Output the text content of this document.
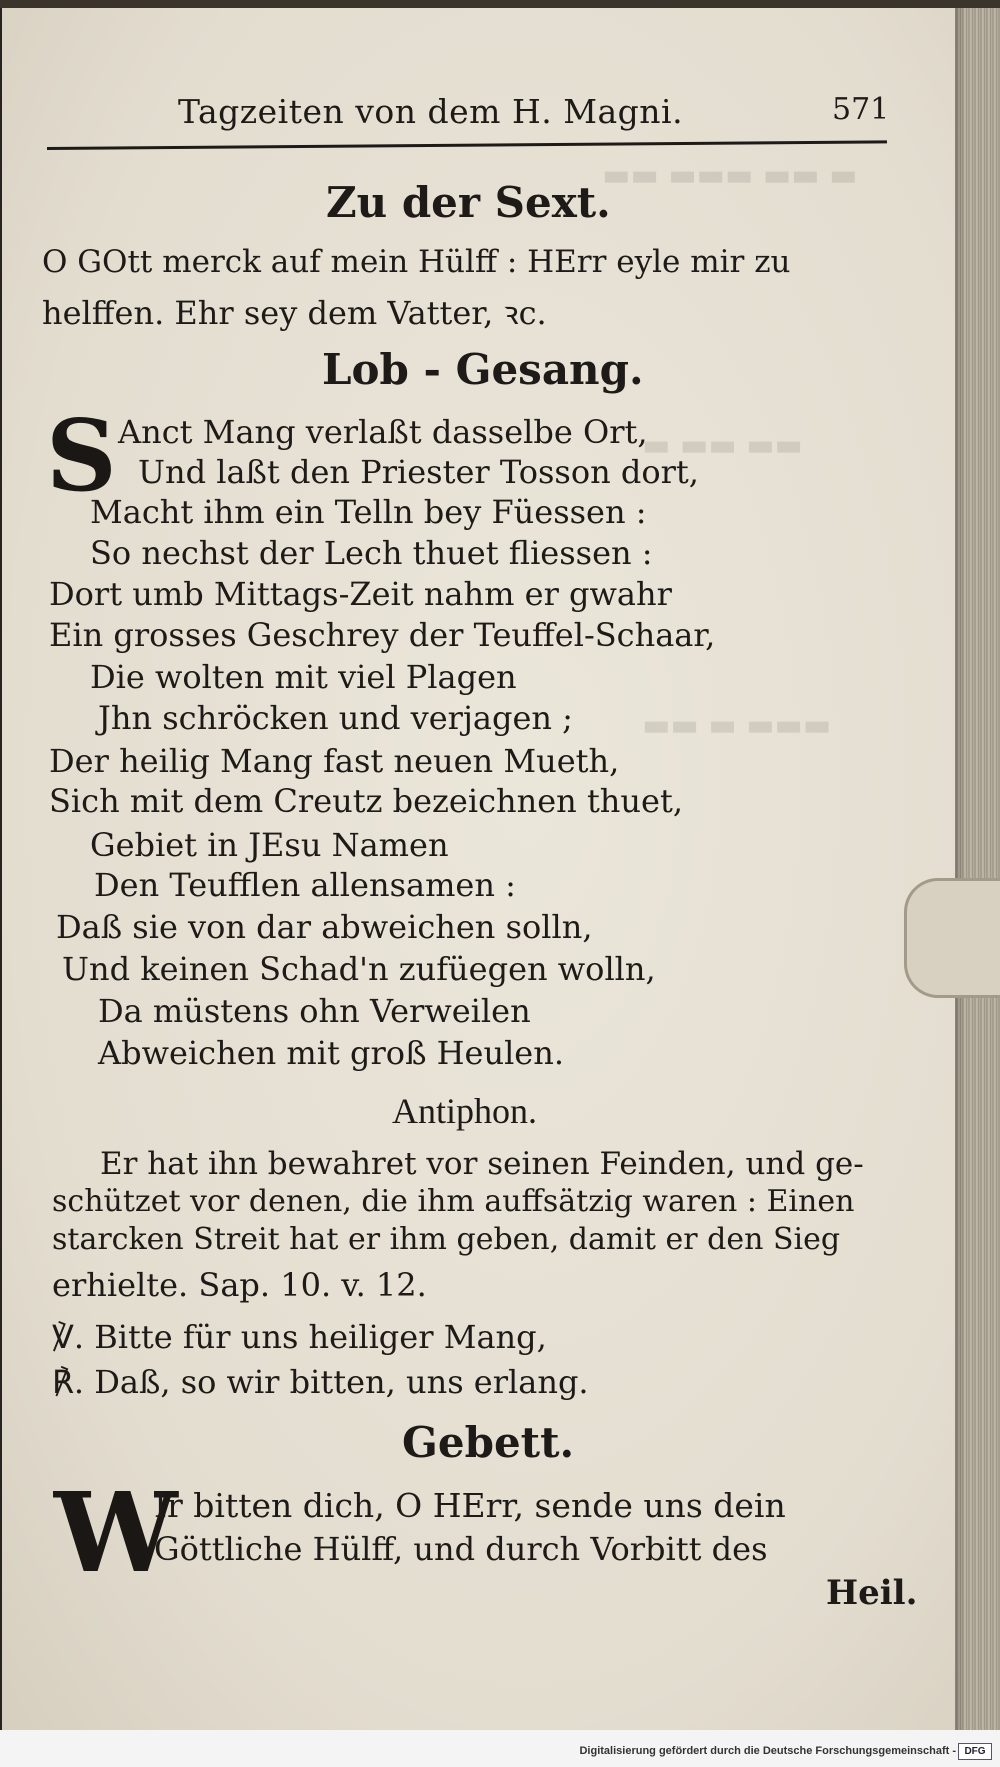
▬ ▬▬ ▬▬▬ ▬▬
▬▬ ▬▬ ▬
▬▬▬ ▬ ▬▬
Tagzeiten von dem H. Magni.	571
Zu der Sext.
O GOtt merck auf mein Hülff : HErr eyle mir zu
helffen. Ehr sey dem Vatter, ꝛc.
Lob - Gesang.
S Anct Mang verlaßt dasselbe Ort,
Und laßt den Priester Tosson dort,
Macht ihm ein Telln bey Füessen :
So nechst der Lech thuet fliessen :
Dort umb Mittags-Zeit nahm er gwahr
Ein grosses Geschrey der Teuffel-Schaar,
Die wolten mit viel Plagen
Jhn schröcken und verjagen ;
Der heilig Mang fast neuen Mueth,
Sich mit dem Creutz bezeichnen thuet,
Gebiet in JEsu Namen
Den Teufflen allensamen :
Daß sie von dar abweichen solln,
Und keinen Schad'n zufüegen wolln,
Da müstens ohn Verweilen
Abweichen mit groß Heulen.
Antiphon.
Er hat ihn bewahret vor seinen Feinden, und ge-
schützet vor denen, die ihm auffsätzig waren : Einen
starcken Streit hat er ihm geben, damit er den Sieg
erhielte. Sap. 10. v. 12.
℣. Bitte für uns heiliger Mang,
℟. Daß, so wir bitten, uns erlang.
Gebett.
W
Ir bitten dich, O HErr, sende uns dein
Göttliche Hülff, und durch Vorbitt des
Heil.
Digitalisierung gefördert durch die Deutsche Forschungsgemeinschaft - DFG
